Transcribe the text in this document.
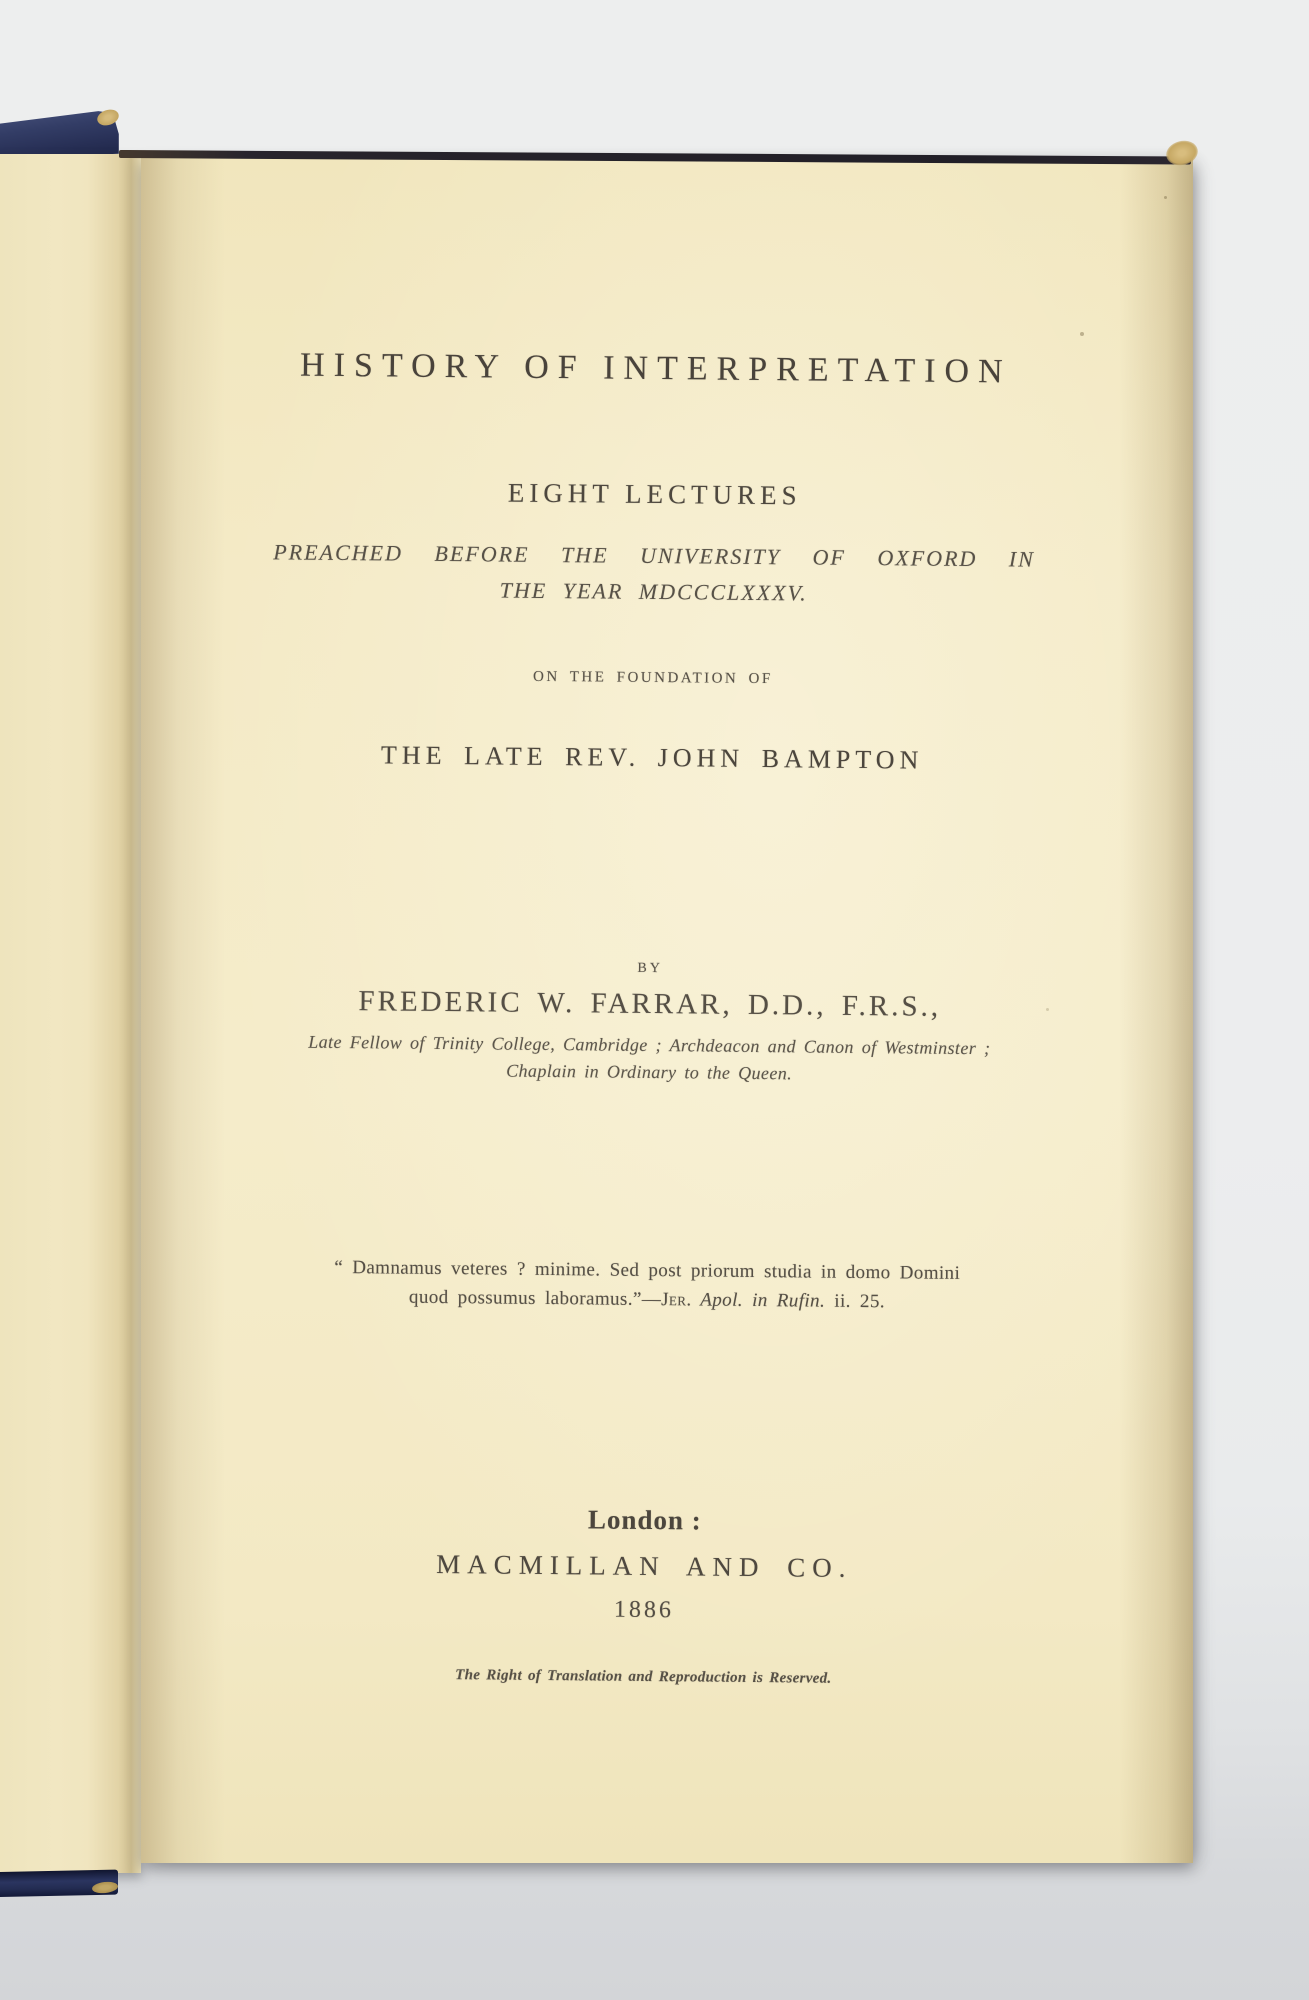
HISTORY OF INTERPRETATION
EIGHT LECTURES
PREACHED BEFORE THE UNIVERSITY OF OXFORD IN
THE YEAR MDCCCLXXXV.
ON THE FOUNDATION OF
THE LATE REV. JOHN BAMPTON
BY
FREDERIC W. FARRAR, D.D., F.R.S.,
Late Fellow of Trinity College, Cambridge ; Archdeacon and Canon of Westminster ;
Chaplain in Ordinary to the Queen.
“ Damnamus veteres ? minime. Sed post priorum studia in domo Domini
quod possumus laboramus.”—Jer. Apol. in Rufin. ii. 25.
London :
MACMILLAN AND CO.
1886
The Right of Translation and Reproduction is Reserved.
